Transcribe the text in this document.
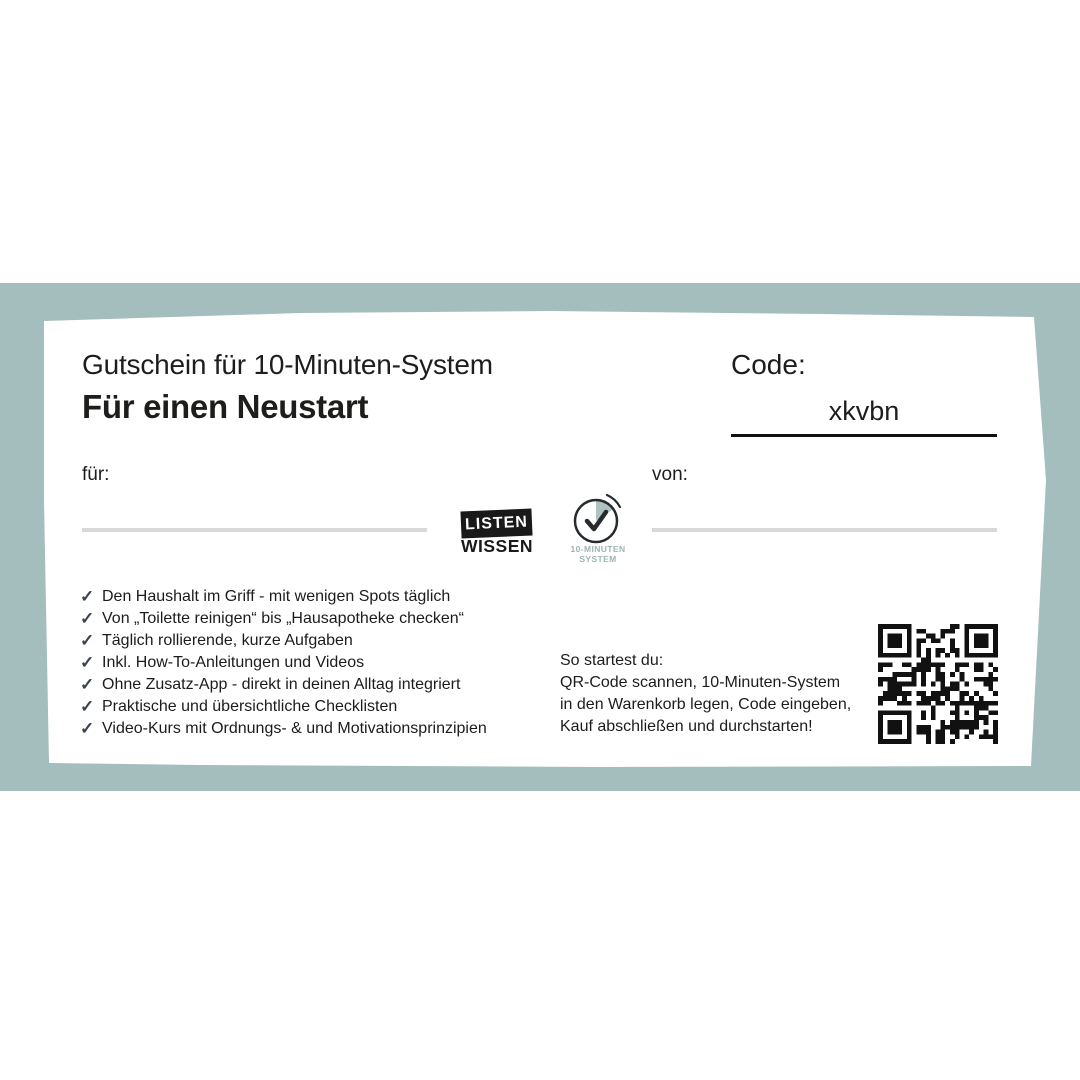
Gutschein für 10-Minuten-System
Für einen Neustart
Code:
xkvbn
für:	von:
LISTEN
WISSEN	10-MINUTEN
SYSTEM
✓ Den Haushalt im Griff - mit wenigen Spots täglich
✓ Von „Toilette reinigen“ bis „Hausapotheke checken“
✓ Täglich rollierende, kurze Aufgaben
✓ Inkl. How-To-Anleitungen und Videos
✓ Ohne Zusatz-App - direkt in deinen Alltag integriert
✓ Praktische und übersichtliche Checklisten
✓ Video-Kurs mit Ordnungs- & und Motivationsprinzipien
So startest du:
QR-Code scannen, 10-Minuten-System
in den Warenkorb legen, Code eingeben,
Kauf abschließen und durchstarten!
